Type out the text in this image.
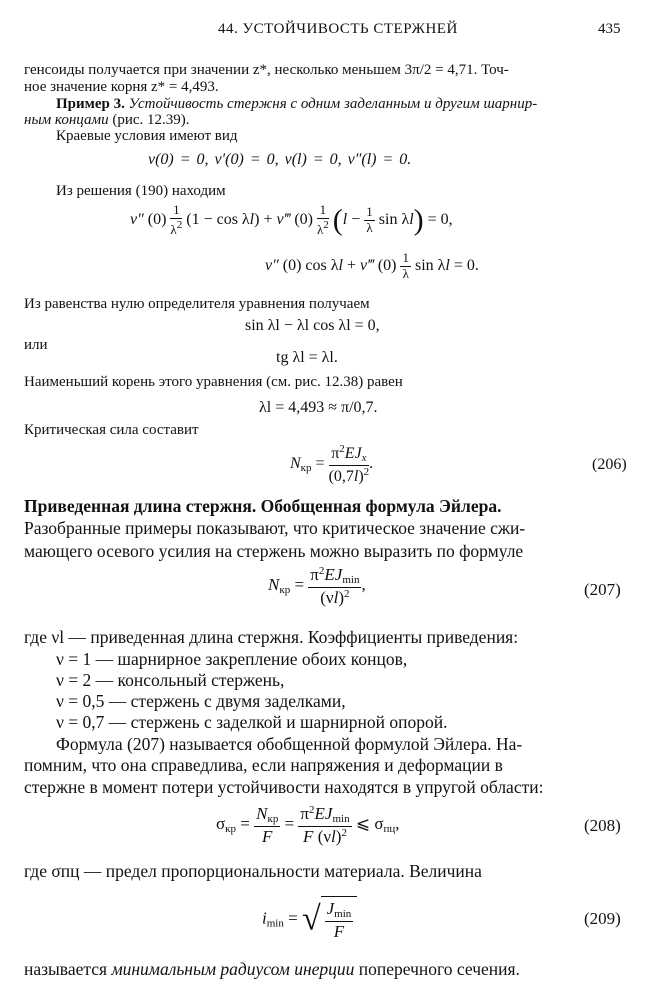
44. УСТОЙЧИВОСТЬ СТЕРЖНЕЙ	435
генсоиды получается при значении z*, несколько меньшем 3π/2 = 4,71. Точ-
ное значение корня z* = 4,493.
Пример 3. Устойчивость стержня с одним заделанным и другим шарнир-
ным концами (рис. 12.39).
Краевые условия имеют вид
v(0) = 0, v′(0) = 0, v(l) = 0, v″(l) = 0.
Из решения (190) находим
v″ $(0) \frac{1}{\lambda^2} (1 - \cos \lambda l)$ + v‴ $(0) \frac{1}{\lambda^2} (l - \frac{1}{\lambda}$ sin λl) = 0,
v″ (0) cos λl + v‴ $(0) \frac{1}{\lambda}$ sin λl = 0.
Из равенства нулю определителя уравнения получаем
sin λl − λl cos λl = 0,
или
tg λl = λl.
Наименьший корень этого уравнения (см. рис. 12.38) равен
λl = 4,493 ≈ π/0,7.
Критическая сила составит
$N_{кр} = \frac{\pi^2EJ_x}{(0,7l)^2}$ .	(206)
Приведенная длина стержня. Обобщенная формула Эйлера.
Разобранные примеры показывают, что критическое значение сжи-
мающего осевого усилия на стержень можно выразить по формуле
$N_{кр} = \frac{\pi^2EJ_{min}}{(\nu l)^2}$ ,	(207)
где νl — приведенная длина стержня. Коэффициенты приведения:
ν = 1 — шарнирное закрепление обоих концов,
ν = 2 — консольный стержень,
ν = 0,5 — стержень с двумя заделками,
ν = 0,7 — стержень с заделкой и шарнирной опорой.
Формула (207) называется обобщенной формулой Эйлера. На-
помним, что она справедлива, если напряжения и деформации в
стержне в момент потери устойчивости находятся в упругой области:
$\sigma_{кр} = \frac{N_{кр}}{F} = \frac{\pi^2EJ_{min}}{F (\nu l)^2}$ ⩽ $\sigma_{пц}$,	(208)
где σпц — предел пропорциональности материала. Величина
$i_{min}$ = √ $\frac{J_{min}}{F}$	(209)
называется минимальным радиусом инерции поперечного сечения.
